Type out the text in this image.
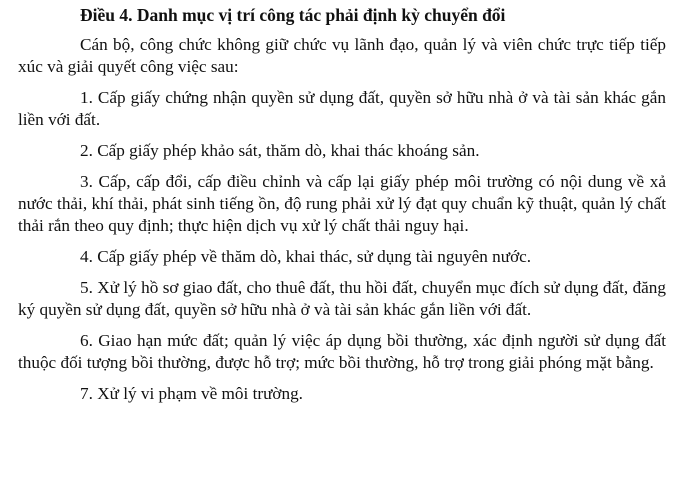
Điều 4. Danh mục vị trí công tác phải định kỳ chuyển đổi

Cán bộ, công chức không giữ chức vụ lãnh đạo, quản lý và viên chức trực tiếp tiếp xúc và giải quyết công việc sau:

1. Cấp giấy chứng nhận quyền sử dụng đất, quyền sở hữu nhà ở và tài sản khác gắn liền với đất.

2. Cấp giấy phép khảo sát, thăm dò, khai thác khoáng sản.

3. Cấp, cấp đổi, cấp điều chỉnh và cấp lại giấy phép môi trường có nội dung về xả nước thải, khí thải, phát sinh tiếng ồn, độ rung phải xử lý đạt quy chuẩn kỹ thuật, quản lý chất thải rắn theo quy định; thực hiện dịch vụ xử lý chất thải nguy hại.

4. Cấp giấy phép về thăm dò, khai thác, sử dụng tài nguyên nước.

5. Xử lý hồ sơ giao đất, cho thuê đất, thu hồi đất, chuyển mục đích sử dụng đất, đăng ký quyền sử dụng đất, quyền sở hữu nhà ở và tài sản khác gắn liền với đất.

6. Giao hạn mức đất; quản lý việc áp dụng bồi thường, xác định người sử dụng đất thuộc đối tượng bồi thường, được hỗ trợ; mức bồi thường, hỗ trợ trong giải phóng mặt bằng.

7. Xử lý vi phạm về môi trường.
